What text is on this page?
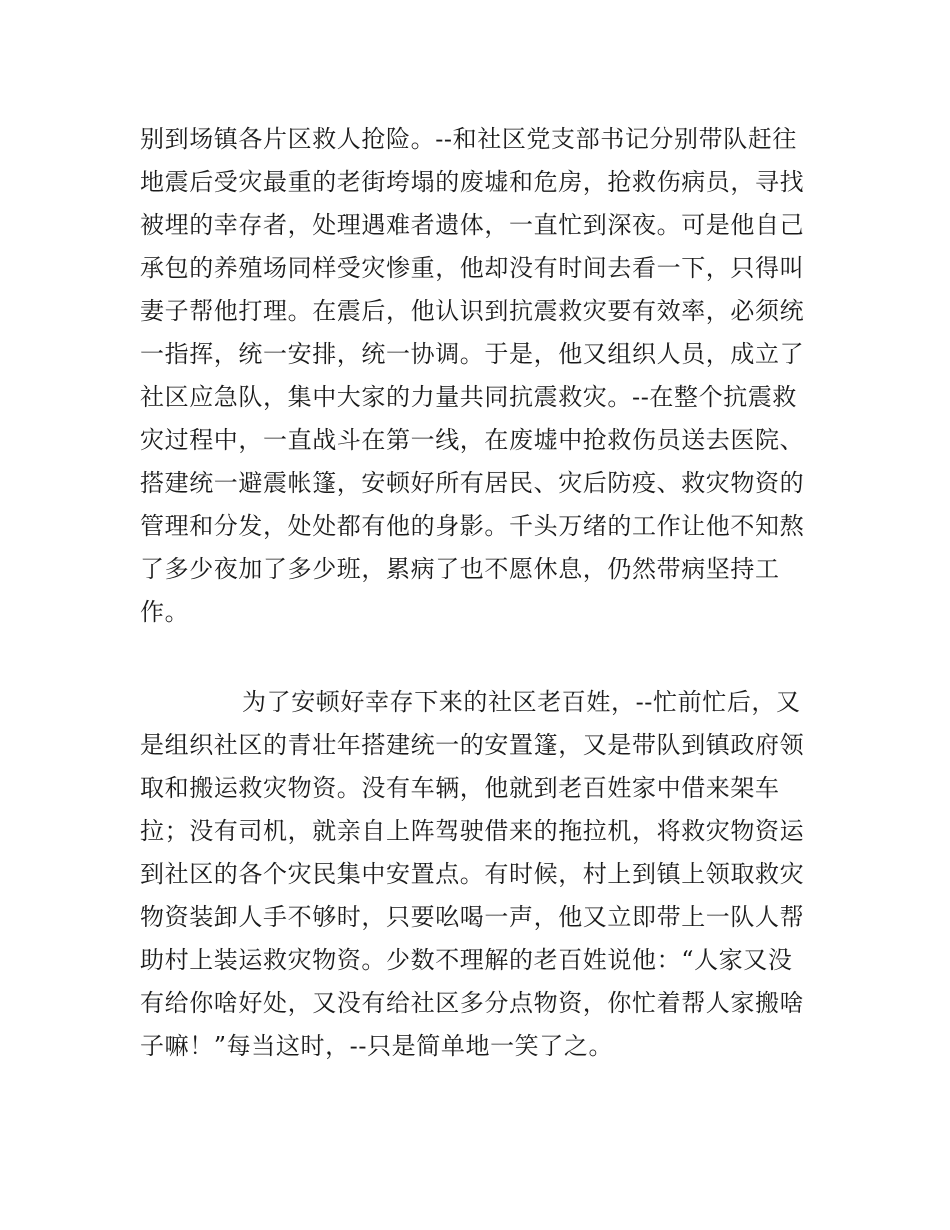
别到场镇各片区救人抢险。--和社区党支部书记分别带队赶往
地震后受灾最重的老街垮塌的废墟和危房，抢救伤病员，寻找
被埋的幸存者，处理遇难者遗体，一直忙到深夜。可是他自己
承包的养殖场同样受灾惨重，他却没有时间去看一下，只得叫
妻子帮他打理。在震后，他认识到抗震救灾要有效率，必须统
一指挥，统一安排，统一协调。于是，他又组织人员，成立了
社区应急队，集中大家的力量共同抗震救灾。--在整个抗震救
灾过程中，一直战斗在第一线，在废墟中抢救伤员送去医院、
搭建统一避震帐篷，安顿好所有居民、灾后防疫、救灾物资的
管理和分发，处处都有他的身影。千头万绪的工作让他不知熬
了多少夜加了多少班，累病了也不愿休息，仍然带病坚持工
作。
为了安顿好幸存下来的社区老百姓，--忙前忙后，又
是组织社区的青壮年搭建统一的安置篷，又是带队到镇政府领
取和搬运救灾物资。没有车辆，他就到老百姓家中借来架车
拉；没有司机，就亲自上阵驾驶借来的拖拉机，将救灾物资运
到社区的各个灾民集中安置点。有时候，村上到镇上领取救灾
物资装卸人手不够时，只要吆喝一声，他又立即带上一队人帮
助村上装运救灾物资。少数不理解的老百姓说他：“人家又没
有给你啥好处，又没有给社区多分点物资，你忙着帮人家搬啥
子嘛！”每当这时，--只是简单地一笑了之。
